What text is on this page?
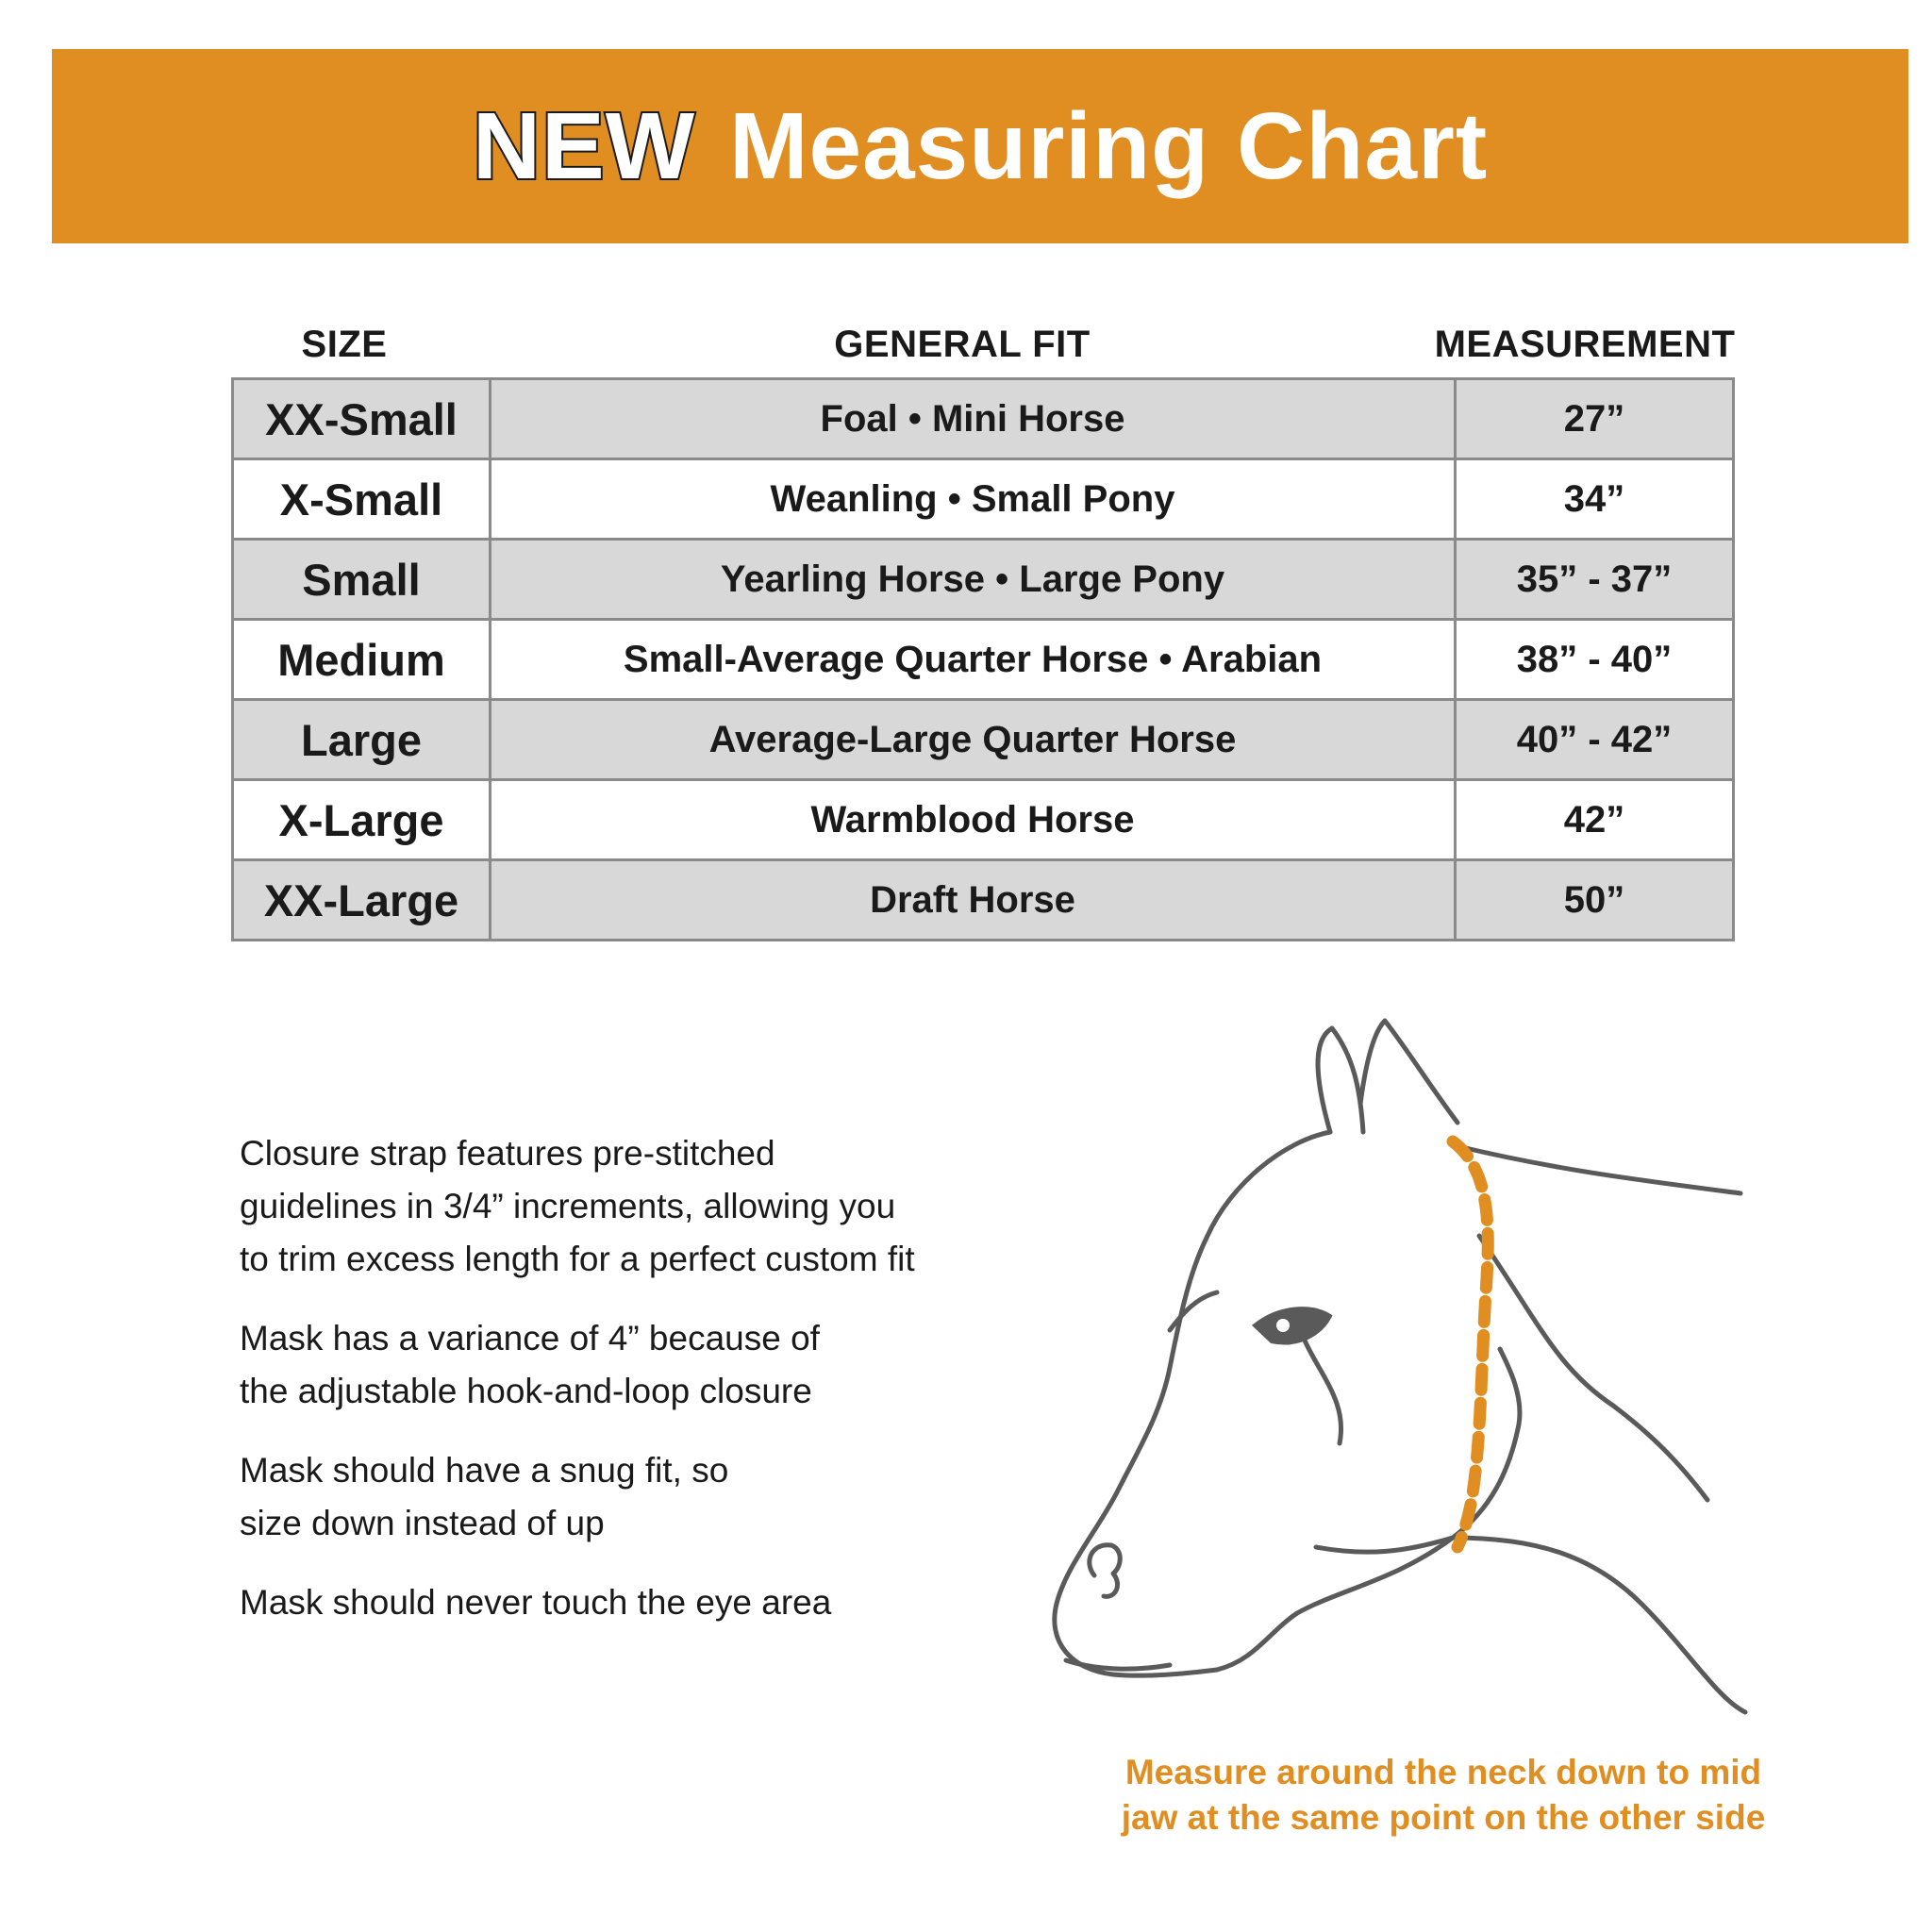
NEW Measuring Chart
SIZE	GENERAL FIT	MEASUREMENT
XX-Small	Foal • Mini Horse	27”
X-Small	Weanling • Small Pony	34”
Small	Yearling Horse • Large Pony	35” - 37”
Medium	Small-Average Quarter Horse • Arabian	38” - 40”
Large	Average-Large Quarter Horse	40” - 42”
X-Large	Warmblood Horse	42”
XX-Large	Draft Horse	50”

Closure strap features pre-stitched
guidelines in 3/4” increments, allowing you
to trim excess length for a perfect custom fit

Mask has a variance of 4” because of
the adjustable hook-and-loop closure

Mask should have a snug fit, so
size down instead of up

Mask should never touch the eye area

Measure around the neck down to mid
jaw at the same point on the other side
